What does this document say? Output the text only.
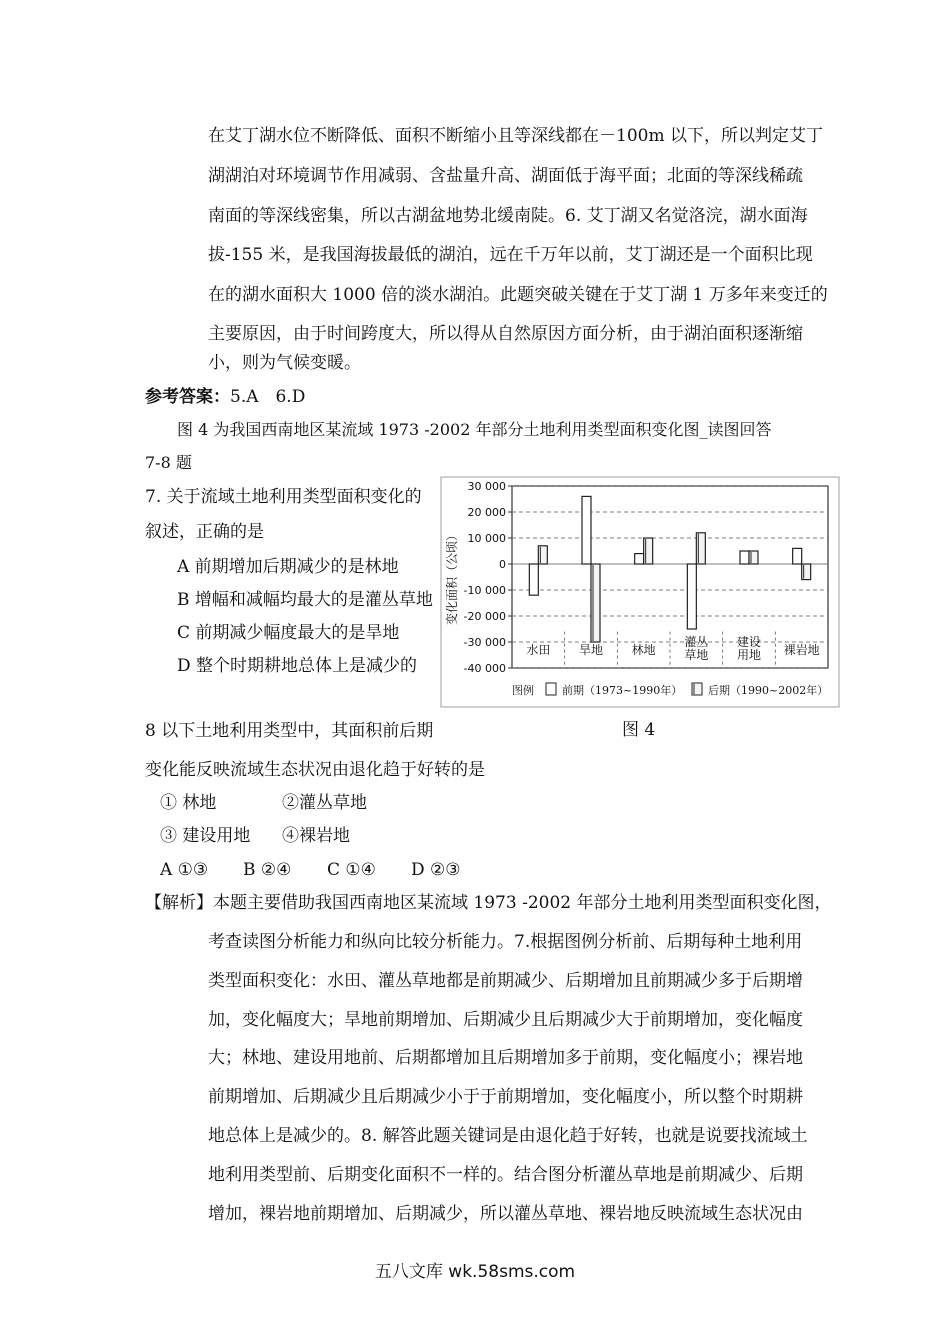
在艾丁湖水位不断降低、面积不断缩小且等深线都在－100m 以下，所以判定艾丁
湖湖泊对环境调节作用减弱、含盐量升高、湖面低于海平面；北面的等深线稀疏
南面的等深线密集，所以古湖盆地势北缓南陡。6. 艾丁湖又名觉洛浣，湖水面海
拔-155 米，是我国海拔最低的湖泊，远在千万年以前，艾丁湖还是一个面积比现
在的湖水面积大 1000 倍的淡水湖泊。此题突破关键在于艾丁湖 1 万多年来变迁的
主要原因，由于时间跨度大，所以得从自然原因方面分析，由于湖泊面积逐渐缩
小，则为气候变暖。
参考答案：5.A　6.D
图 4 为我国西南地区某流域 1973 -2002 年部分土地利用类型面积变化图_读图回答
7-8 题
7. 关于流域土地利用类型面积变化的
叙述，正确的是
A 前期增加后期减少的是林地
B 增幅和减幅均最大的是灌丛草地
C 前期减少幅度最大的是旱地
D 整个时期耕地总体上是减少的
30 000
20 000
10 000
0
-10 000
-20 000
-30 000
-40 000
变化面积（公顷）
水田 旱地 林地
灌丛
草地
建设
用地 裸岩地
图例	前期（1973~1990年） 后期（1990~2002年）
图 4
8 以下土地利用类型中，其面积前后期
变化能反映流域生态状况由退化趋于好转的是
① 林地	②灌丛草地
③ 建设用地 ④裸岩地
A ①③ B ②④ C ①④ D ②③
【解析】本题主要借助我国西南地区某流域 1973 -2002 年部分土地利用类型面积变化图，
考查读图分析能力和纵向比较分析能力。7.根据图例分析前、后期每种土地利用
类型面积变化：水田、灌丛草地都是前期减少、后期增加且前期减少多于后期增
加，变化幅度大；旱地前期增加、后期减少且后期减少大于前期增加，变化幅度
大；林地、建设用地前、后期都增加且后期增加多于前期，变化幅度小；裸岩地
前期增加、后期减少且后期减少小于于前期增加，变化幅度小，所以整个时期耕
地总体上是减少的。8. 解答此题关键词是由退化趋于好转，也就是说要找流域土
地利用类型前、后期变化面积不一样的。结合图分析灌丛草地是前期减少、后期
增加，裸岩地前期增加、后期减少，所以灌丛草地、裸岩地反映流域生态状况由
五八文库 wk.58sms.com
